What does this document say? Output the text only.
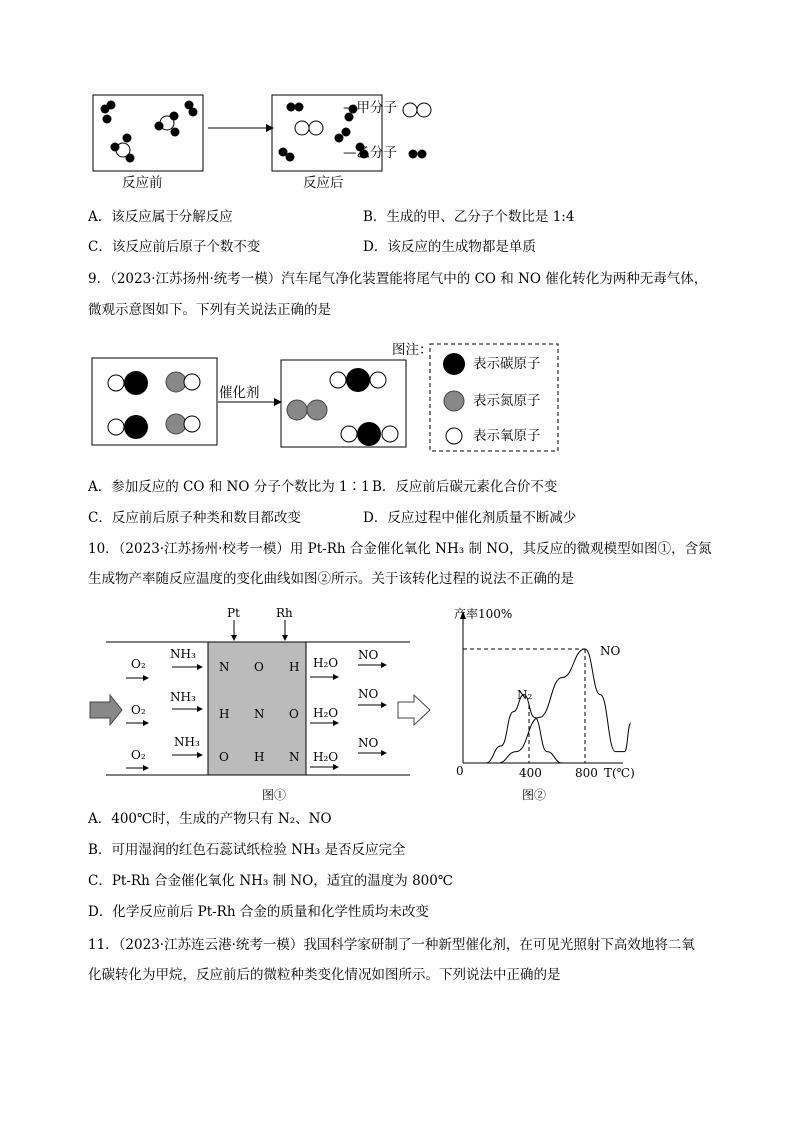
—甲分子
—乙分子
反应前	反应后
A．该反应属于分解反应	B．生成的甲、乙分子个数比是 1:4
C．该反应前后原子个数不变	D．该反应的生成物都是单质
9．（2023·江苏扬州·统考一模）汽车尾气净化装置能将尾气中的 CO 和 NO 催化转化为两种无毒气体，
微观示意图如下。下列有关说法正确的是
催化剂
图注：
表示碳原子
表示氮原子
表示氧原子
A．参加反应的 CO 和 NO 分子个数比为 1∶1 B．反应前后碳元素化合价不变
C．反应前后原子种类和数目都改变	D．反应过程中催化剂质量不断减少
10．（2023·江苏扬州·校考一模）用 Pt-Rh 合金催化氧化 NH₃ 制 NO，其反应的微观模型如图①，含氮
生成物产率随反应温度的变化曲线如图②所示。关于该转化过程的说法不正确的是
Pt	Rh
O₂
O₂
O₂
NH₃
NH₃
NH₃
H₂O
H₂O
H₂O
NO
NO
NO
N O H
H N O
O H N
图①
产率100%
0	400	800 T(℃)
N₂
NO
图②
A．400℃时，生成的产物只有 N₂、NO
B．可用湿润的红色石蕊试纸检验 NH₃ 是否反应完全
C．Pt-Rh 合金催化氧化 NH₃ 制 NO，适宜的温度为 800℃
D．化学反应前后 Pt-Rh 合金的质量和化学性质均未改变
11．（2023·江苏连云港·统考一模）我国科学家研制了一种新型催化剂，在可见光照射下高效地将二氧
化碳转化为甲烷，反应前后的微粒种类变化情况如图所示。下列说法中正确的是
